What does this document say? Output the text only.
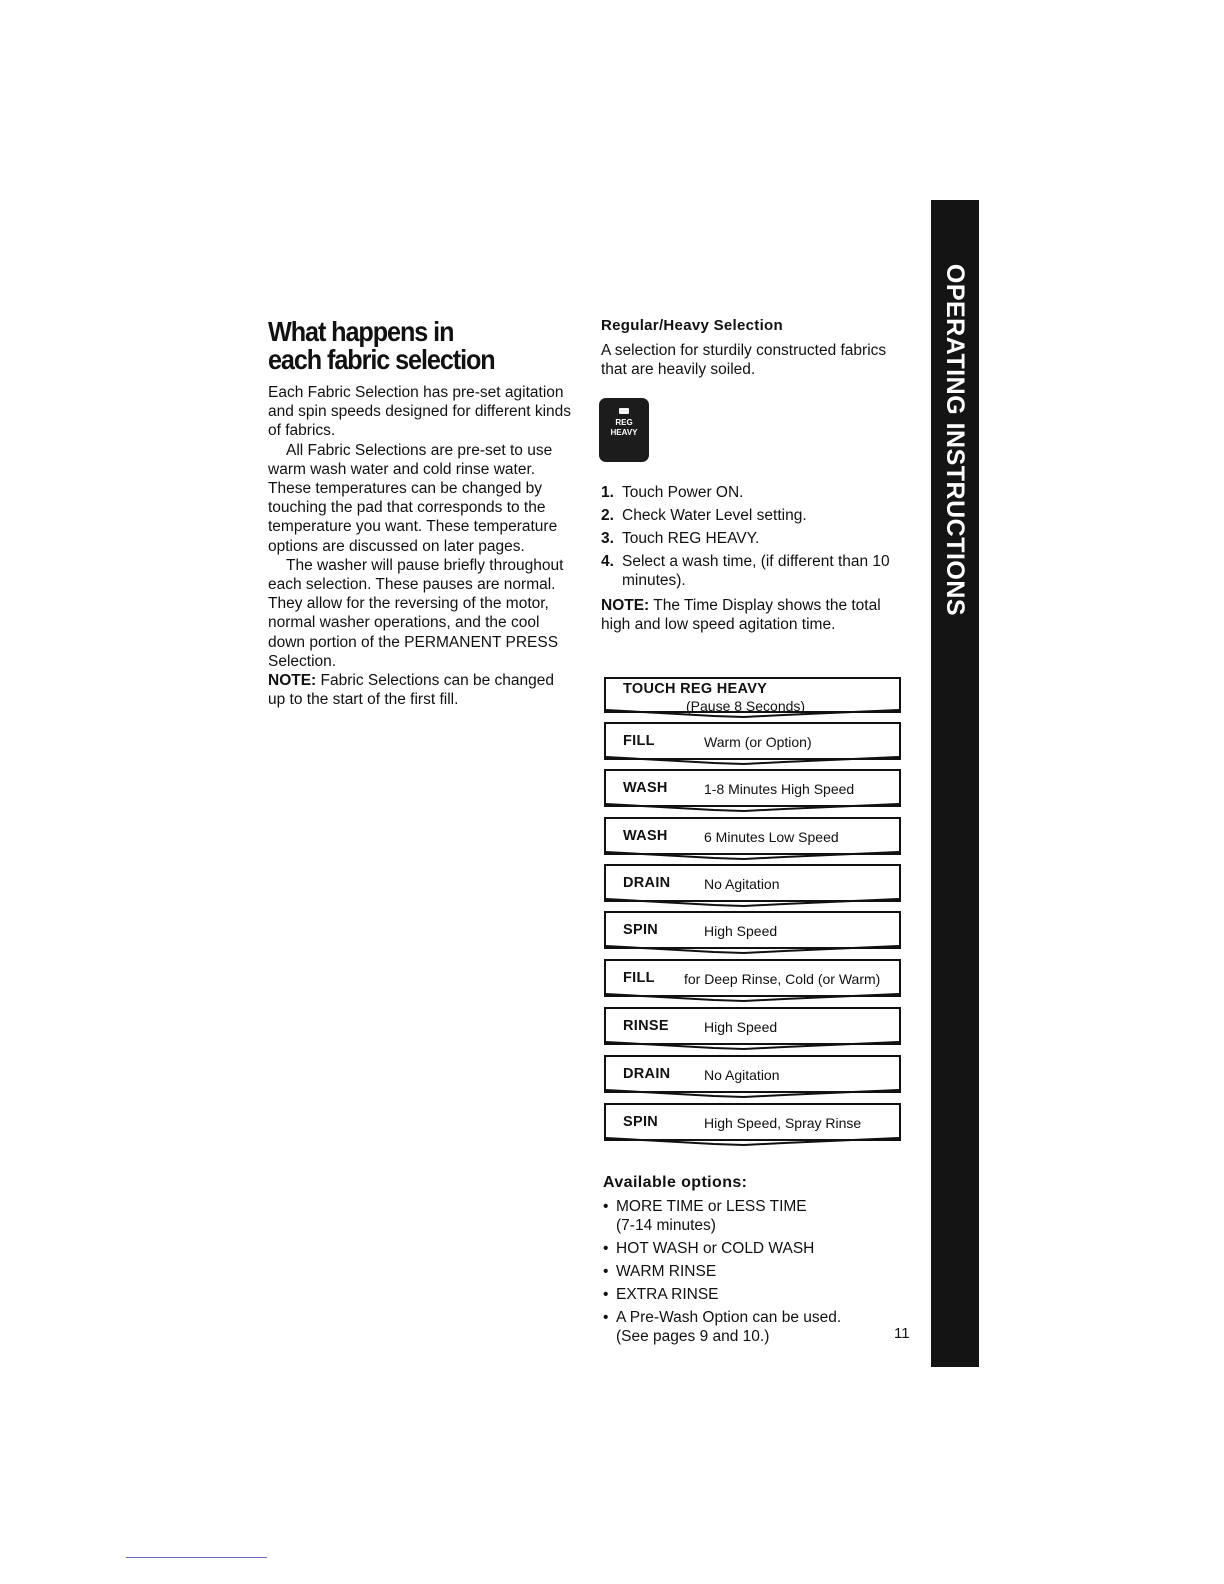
What happens in
each fabric selection

Each Fabric Selection has pre-set agitation and spin speeds designed for different kinds of fabrics.

All Fabric Selections are pre-set to use warm wash water and cold rinse water. These temperatures can be changed by touching the pad that corresponds to the temperature you want. These temperature options are discussed on later pages.

The washer will pause briefly throughout each selection. These pauses are normal. They allow for the reversing of the motor, normal washer operations, and the cool down portion of the PERMANENT PRESS Selection.

NOTE: Fabric Selections can be changed up to the start of the first fill.

Regular/Heavy Selection

A selection for sturdily constructed fabrics that are heavily soiled.

REG
HEAVY
1. Touch Power ON.
2. Check Water Level setting.
3. Touch REG HEAVY.
4. Select a wash time, (if different than 10 minutes).

NOTE: The Time Display shows the total high and low speed agitation time.

TOUCH REG HEAVY
(Pause 8 Seconds)
FILL	Warm (or Option)
WASH	1-8 Minutes High Speed
WASH	6 Minutes Low Speed
DRAIN No Agitation
SPIN	High Speed
FILL for Deep Rinse, Cold (or Warm)
RINSE	High Speed
DRAIN No Agitation
SPIN	High Speed, Spray Rinse
Available options:
• MORE TIME or LESS TIME
(7-14 minutes)
• HOT WASH or COLD WASH
• WARM RINSE
• EXTRA RINSE
• A Pre-Wash Option can be used.
(See pages 9 and 10.)	11
OPERATING INSTRUCTIONS
